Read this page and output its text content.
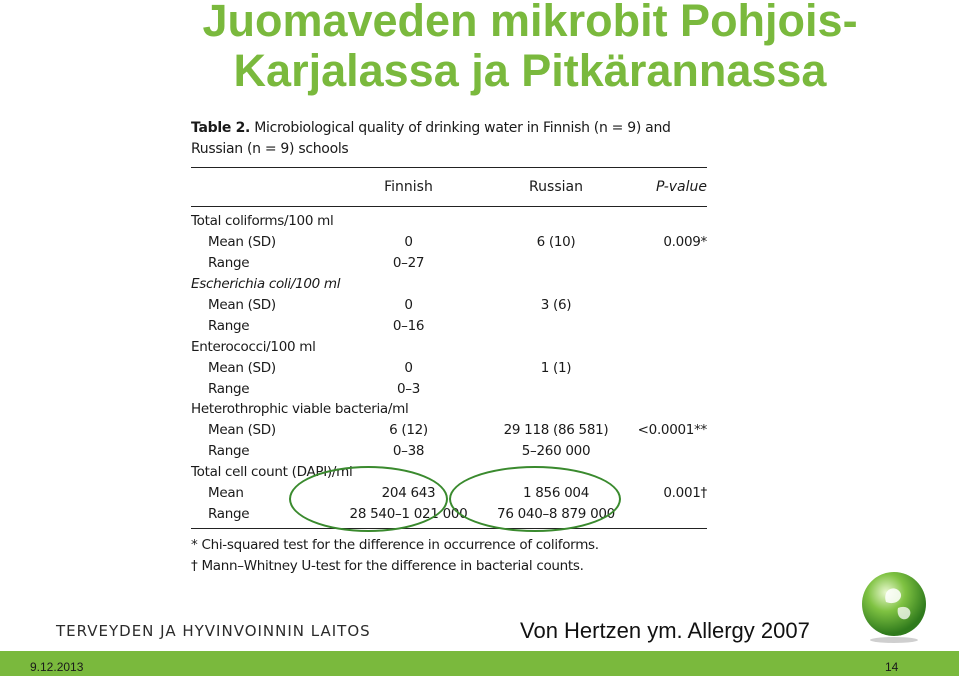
Juomaveden mikrobit Pohjois-
Karjalassa ja Pitkärannassa
Table 2. Microbiological quality of drinking water in Finnish (n = 9) and Russian (n = 9) schools
Finnish	Russian	P-value
Total coliforms/100 ml
Mean (SD)	0	6 (10)	0.009*
Range	0–27
Escherichia coli/100 ml
Mean (SD)	0	3 (6)
Range	0–16
Enterococci/100 ml
Mean (SD)	0	1 (1)
Range	0–3
Heterothrophic viable bacteria/ml
Mean (SD)	6 (12)	29 118 (86 581)	<0.0001**
Range	0–38	5–260 000
Total cell count (DAPI)/ml
Mean	204 643	1 856 004	0.001†
Range	28 540–1 021 000	76 040–8 879 000
* Chi-squared test for the difference in occurrence of coliforms.
† Mann–Whitney U-test for the difference in bacterial counts.
TERVEYDEN JA HYVINVOINNIN LAITOS	Von Hertzen ym. Allergy 2007
9.12.2013	14
